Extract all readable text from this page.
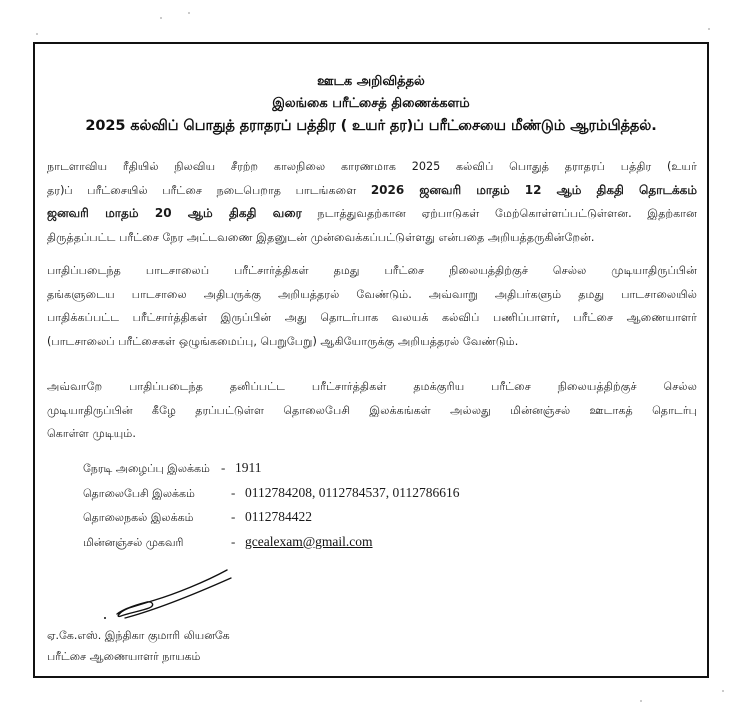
ஊடக அறிவித்தல்
இலங்கை பரீட்சைத் திணைக்களம்
2025 கல்விப் பொதுத் தராதரப் பத்திர ( உயர் தர)ப் பரீட்சையை மீண்டும் ஆரம்பித்தல்.
நாடளாவிய ரீதியில் நிலவிய சீரற்ற காலநிலை காரணமாக 2025 கல்விப் பொதுத் தராதரப் பத்திர (உயர்
தர)ப் பரீட்சையில் பரீட்சை நடைபெறாத பாடங்களை 2026 ஜனவரி மாதம் 12 ஆம் திகதி தொடக்கம்
ஜனவரி மாதம் 20 ஆம் திகதி வரை நடாத்துவதற்கான ஏற்பாடுகள் மேற்கொள்ளப்பட்டுள்ளன. இதற்கான
திருத்தப்பட்ட பரீட்சை நேர அட்டவணை இதனுடன் முன்வைக்கப்பட்டுள்ளது என்பதை அறியத்தருகின்றேன்.
பாதிப்படைந்த பாடசாலைப் பரீட்சார்த்திகள் தமது பரீட்சை நிலையத்திற்குச் செல்ல முடியாதிருப்பின்
தங்களுடைய பாடசாலை அதிபருக்கு அறியத்தரல் வேண்டும். அவ்வாறு அதிபர்களும் தமது பாடசாலையில்
பாதிக்கப்பட்ட பரீட்சார்த்திகள் இருப்பின் அது தொடர்பாக வலயக் கல்விப் பணிப்பாளர், பரீட்சை ஆணையாளர்
(பாடசாலைப் பரீட்சைகள் ஒழுங்கமைப்பு, பெறுபேறு) ஆகியோருக்கு அறியத்தரல் வேண்டும்.
அவ்வாறே பாதிப்படைந்த தனிப்பட்ட பரீட்சார்த்திகள் தமக்குரிய பரீட்சை நிலையத்திற்குச் செல்ல
முடியாதிருப்பின் கீழே தரப்பட்டுள்ள தொலைபேசி இலக்கங்கள் அல்லது மின்னஞ்சல் ஊடாகத் தொடர்பு
கொள்ள முடியும்.
நேரடி அழைப்பு இலக்கம் - 1911
தொலைபேசி இலக்கம்	- 0112784208, 0112784537, 0112786616
தொலைநகல் இலக்கம்	- 0112784422
மின்னஞ்சல் முகவரி	- gcealexam@gmail.com
ஏ.கே.எஸ். இந்திகா குமாரி லியனகே
பரீட்சை ஆணையாளர் நாயகம்
